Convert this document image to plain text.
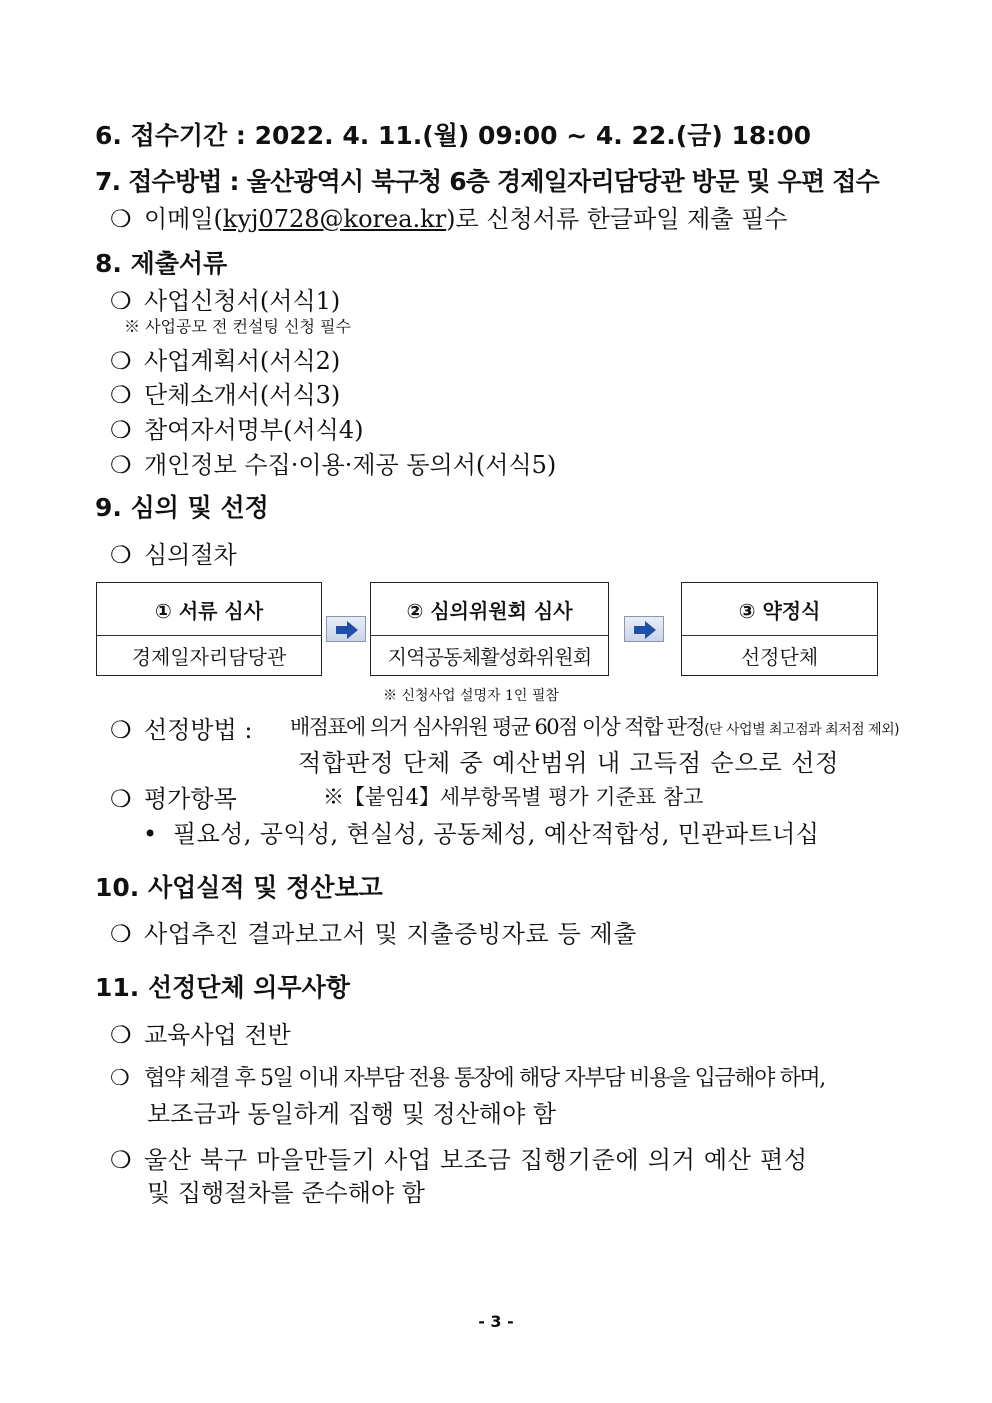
6. 접수기간 : 2022. 4. 11.(월) 09:00 ~ 4. 22.(금) 18:00
7. 접수방법 : 울산광역시 북구청 6층 경제일자리담당관 방문 및 우편 접수
❍ 이메일(kyj0728@korea.kr)로 신청서류 한글파일 제출 필수
8. 제출서류
❍ 사업신청서(서식1)
※ 사업공모 전 컨설팅 신청 필수
❍ 사업계획서(서식2)
❍ 단체소개서(서식3)
❍ 참여자서명부(서식4)
❍ 개인정보 수집·이용·제공 동의서(서식5)
9. 심의 및 선정
❍ 심의절차
① 서류 심사
경제일자리담당관
② 심의위원회 심사
지역공동체활성화위원회
③ 약정식
선정단체
※ 신청사업 설명자 1인 필참
❍ 선정방법 : 배점표에 의거 심사위원 평균 60점 이상 적합 판정(단 사업별 최고점과 최저점 제외)
적합판정 단체 중 예산범위 내 고득점 순으로 선정
❍ 평가항목	※【붙임4】세부항목별 평가 기준표 참고
• 필요성, 공익성, 현실성, 공동체성, 예산적합성, 민관파트너십
10. 사업실적 및 정산보고
❍ 사업추진 결과보고서 및 지출증빙자료 등 제출
11. 선정단체 의무사항
❍ 교육사업 전반
❍ 협약 체결 후 5일 이내 자부담 전용 통장에 해당 자부담 비용을 입금해야 하며,
보조금과 동일하게 집행 및 정산해야 함
❍ 울산 북구 마을만들기 사업 보조금 집행기준에 의거 예산 편성
및 집행절차를 준수해야 함
- 3 -
